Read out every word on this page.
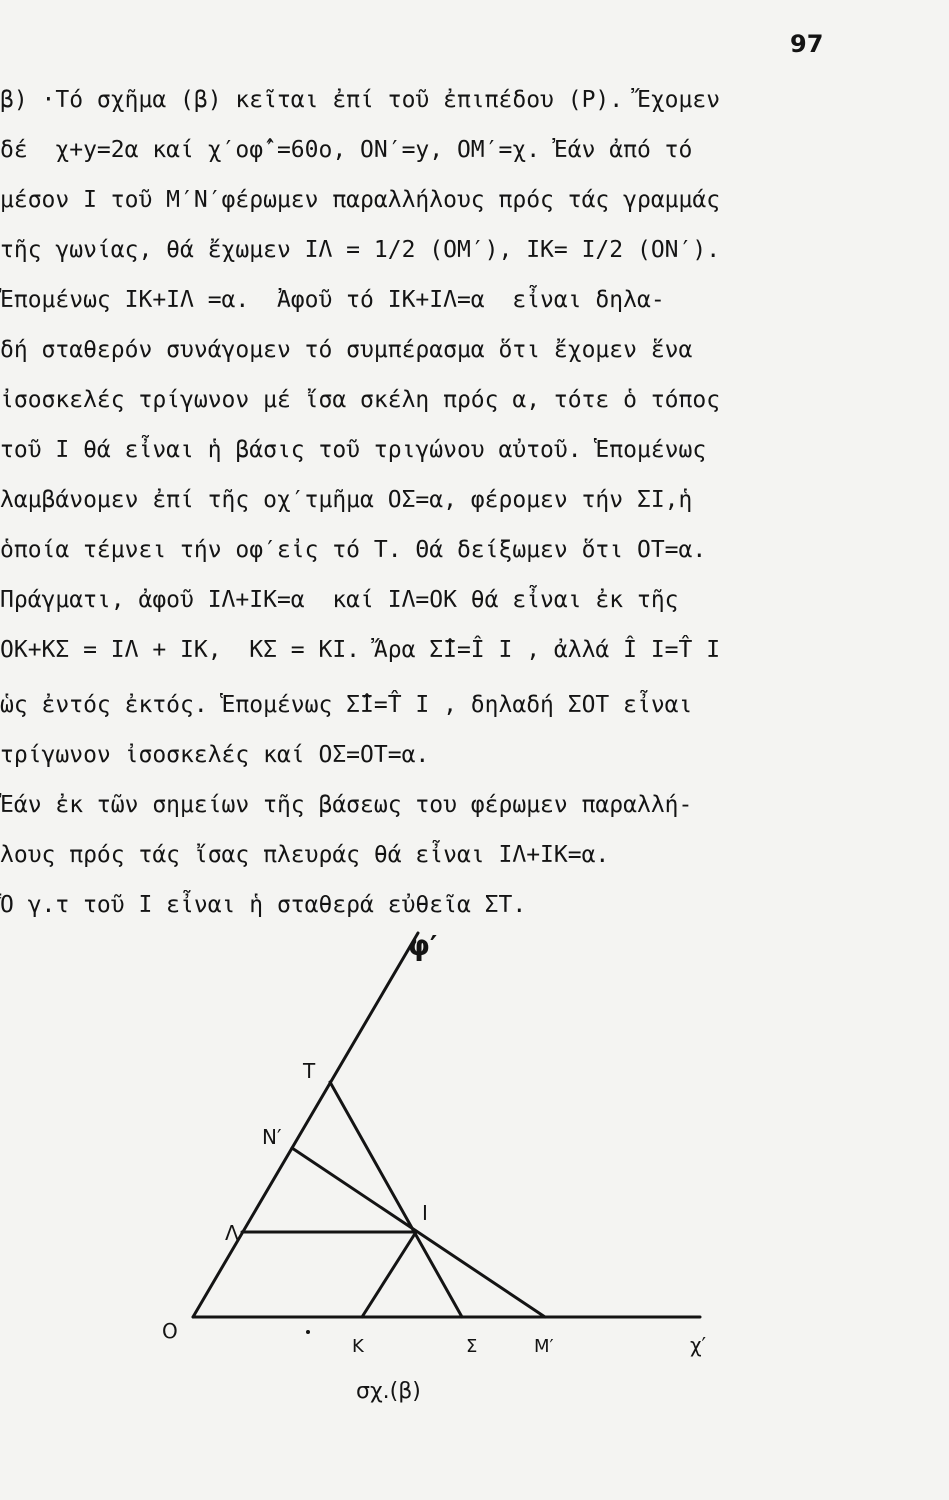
97
β) ·Τό σχῆμα (β) κεῖται ἐπί τοῦ ἐπιπέδου (Ρ). Ἔχομεν
δέ  χ+y=2α καί χ′οφ̂′=60ο, ΟΝ′=y, ΟΜ′=χ. Ἐάν ἀπό τό
μέσον Ι τοῦ Μ′Ν′φέρωμεν παραλλήλους πρός τάς γραμμάς
τῆς γωνίας, θά ἔχωμεν ΙΛ = 1/2 (ΟΜ′), ΙΚ= Ι/2 (ΟΝ′).
Ἐπομένως ΙΚ+ΙΛ =α.  Ἀφοῦ τό ΙΚ+ΙΛ=α  εἶναι δηλα-
δή σταθερόν συνάγομεν τό συμπέρασμα ὅτι ἔχομεν ἕνα
ἰσοσκελές τρίγωνον μέ ἴσα σκέλη πρός α, τότε ὁ τόπος
τοῦ Ι θά εἶναι ἡ βάσις τοῦ τριγώνου αὐτοῦ. Ἑπομένως
λαμβάνομεν ἐπί τῆς οχ′τμῆμα ΟΣ=α, φέρομεν τήν ΣΙ,ἡ
ὁποία τέμνει τήν οφ′εἰς τό Τ. Θά δείξωμεν ὅτι ΟΤ=α.
Πράγματι, ἀφοῦ ΙΛ+ΙΚ=α  καί ΙΛ=ΟΚ θά εἶναι ἐκ τῆς
ΟΚ+ΚΣ = ΙΛ + ΙΚ,  ΚΣ = ΚΙ. Ἄρα Σ̂Ι=Î Ι , ἀλλά Î Ι=T̂ Ι
ὡς ἐντός ἐκτός. Ἑπομένως Σ̂Ι=T̂ Ι , δηλαδή ΣΟΤ εἶναι
τρίγωνον ἰσοσκελές καί ΟΣ=ΟΤ=α.
Ἐάν ἐκ τῶν σημείων τῆς βάσεως του φέρωμεν παραλλή-
λους πρός τάς ἴσας πλευράς θά εἶναι ΙΛ+ΙΚ=α.
Ὁ γ.τ τοῦ Ι εἶναι ἡ σταθερά εὐθεῖα ΣΤ.
φ′
Τ
Ν′
Ι
Λ
Ο
Κ	Σ	Μ′	χ′
σχ.(β)
